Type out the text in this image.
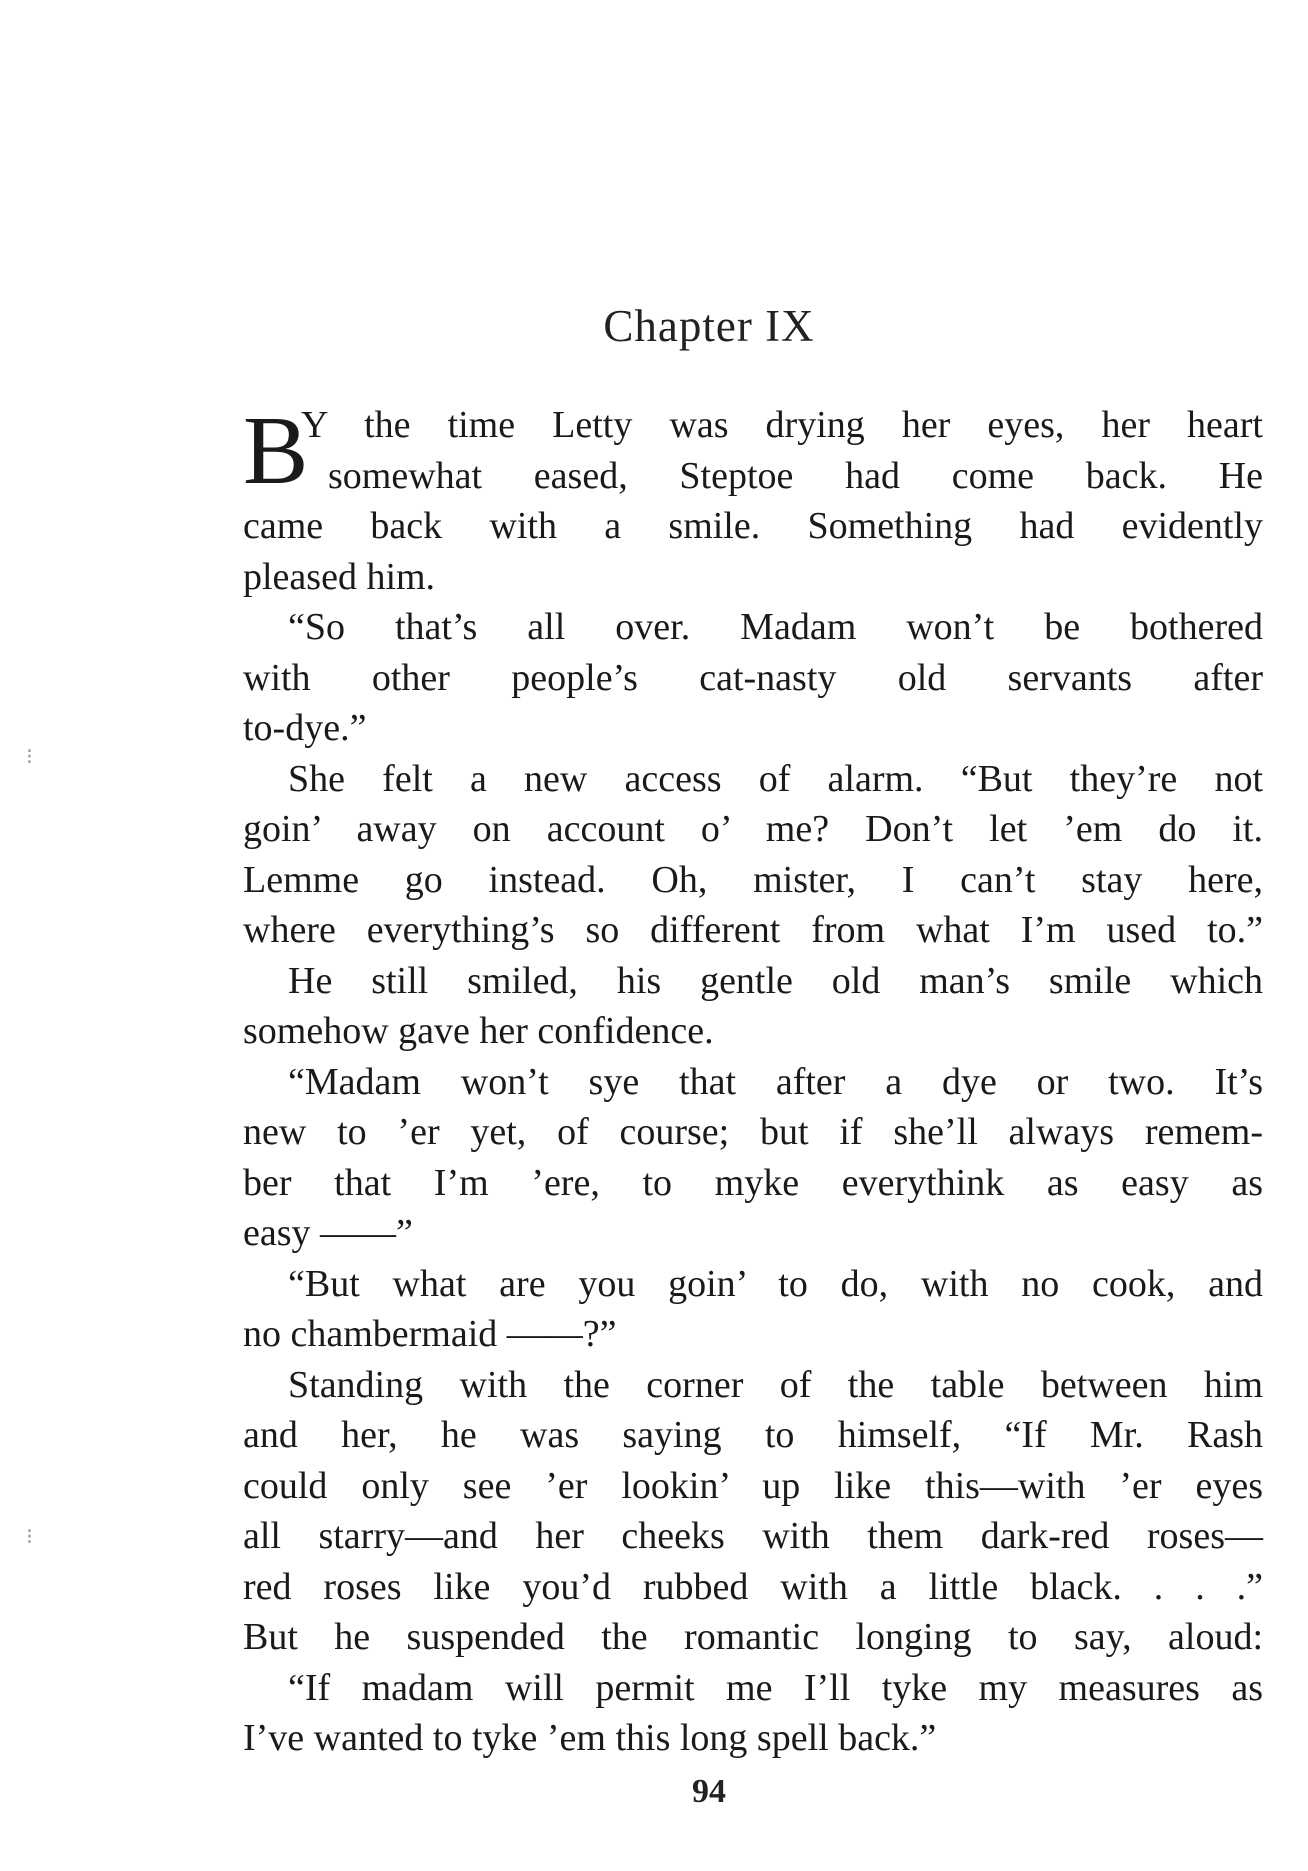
⁝
⁝
Chapter IX
B
Y the time Letty was drying her eyes, her heart
somewhat eased, Steptoe had come back. He
came back with a smile. Something had evidently
pleased him.
“So that’s all over. Madam won’t be bothered
with other people’s cat-nasty old servants after
to-dye.”
She felt a new access of alarm. “But they’re not
goin’ away on account o’ me? Don’t let ’em do it.
Lemme go instead. Oh, mister, I can’t stay here,
where everything’s so different from what I’m used to.”
He still smiled, his gentle old man’s smile which
somehow gave her confidence.
“Madam won’t sye that after a dye or two. It’s
new to ’er yet, of course; but if she’ll always remem-
ber that I’m ’ere, to myke everythink as easy as
easy ——”
“But what are you goin’ to do, with no cook, and
no chambermaid ——?”
Standing with the corner of the table between him
and her, he was saying to himself, “If Mr. Rash
could only see ’er lookin’ up like this—with ’er eyes
all starry—and her cheeks with them dark-red roses—
red roses like you’d rubbed with a little black. . . .”
But he suspended the romantic longing to say, aloud:
“If madam will permit me I’ll tyke my measures as
I’ve wanted to tyke ’em this long spell back.”
94
